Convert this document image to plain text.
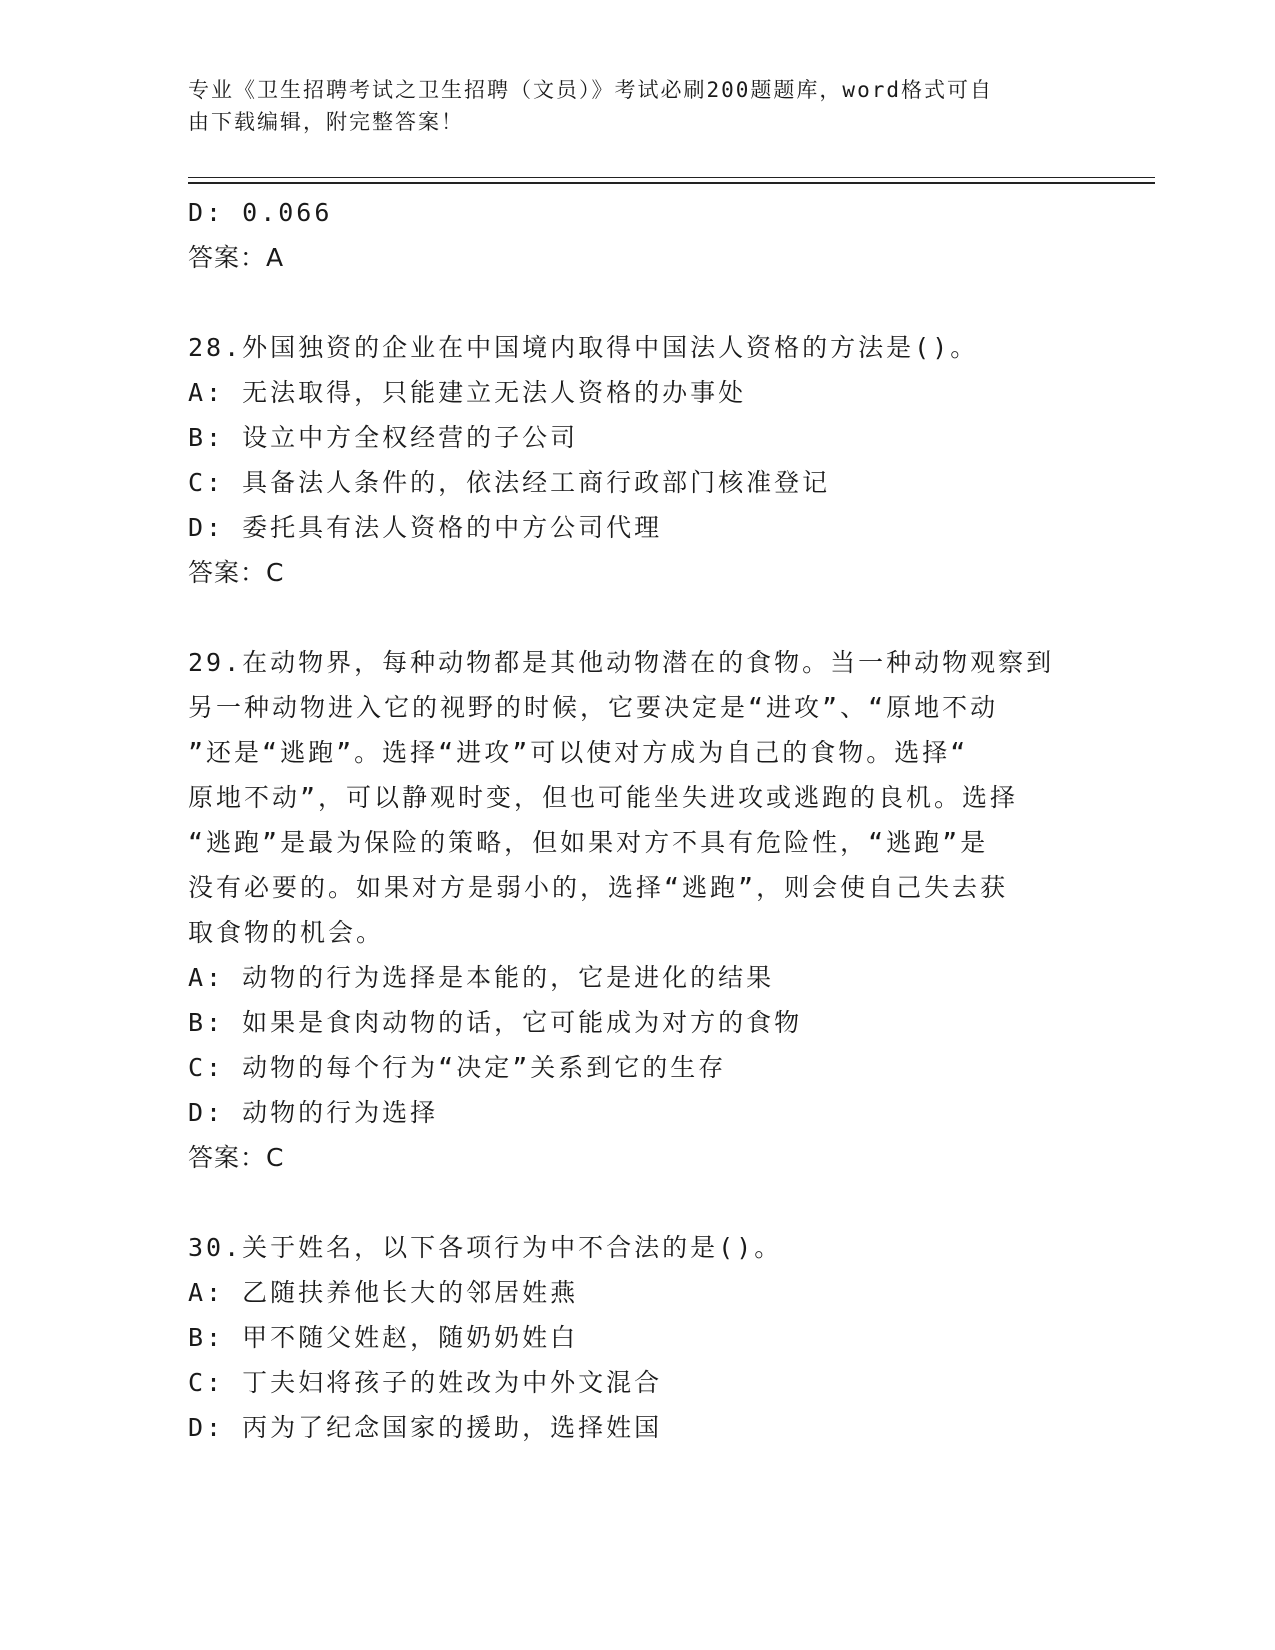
专业《卫生招聘考试之卫生招聘（文员）》考试必刷200题题库，word格式可自
由下载编辑，附完整答案！
D: 0.066
答案：A
28.外国独资的企业在中国境内取得中国法人资格的方法是()。
A: 无法取得，只能建立无法人资格的办事处
B: 设立中方全权经营的子公司
C: 具备法人条件的，依法经工商行政部门核准登记
D: 委托具有法人资格的中方公司代理
答案：C
29.在动物界，每种动物都是其他动物潜在的食物。当一种动物观察到
另一种动物进入它的视野的时候，它要决定是“进攻”、“原地不动
”还是“逃跑”。选择“进攻”可以使对方成为自己的食物。选择“
原地不动”，可以静观时变，但也可能坐失进攻或逃跑的良机。选择
“逃跑”是最为保险的策略，但如果对方不具有危险性，“逃跑”是
没有必要的。如果对方是弱小的，选择“逃跑”，则会使自己失去获
取食物的机会。
A: 动物的行为选择是本能的，它是进化的结果
B: 如果是食肉动物的话，它可能成为对方的食物
C: 动物的每个行为“决定”关系到它的生存
D: 动物的行为选择
答案：C
30.关于姓名，以下各项行为中不合法的是()。
A: 乙随扶养他长大的邻居姓燕
B: 甲不随父姓赵，随奶奶姓白
C: 丁夫妇将孩子的姓改为中外文混合
D: 丙为了纪念国家的援助，选择姓国
